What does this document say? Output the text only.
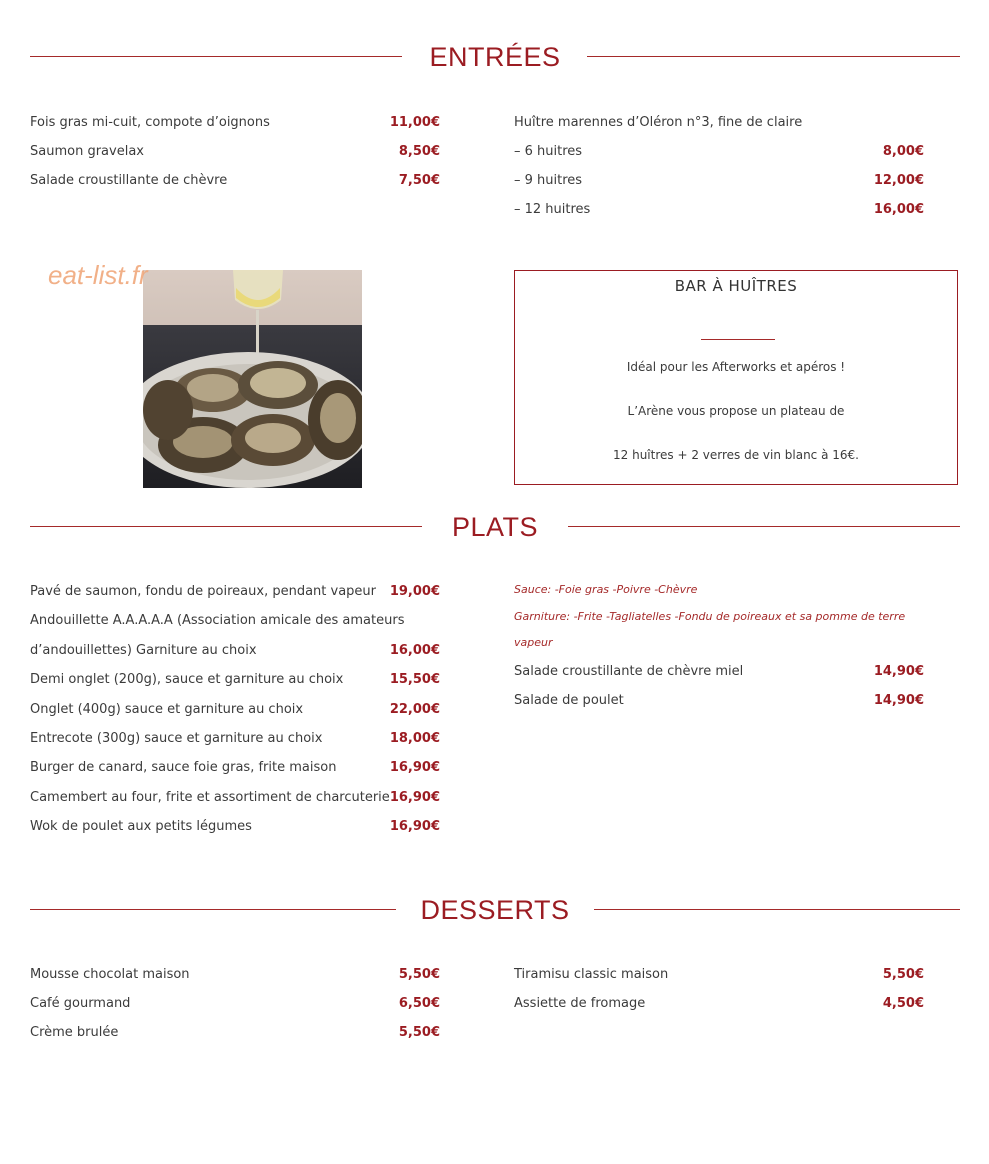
ENTRÉES
Fois gras mi-cuit, compote d’oignons	11,00€
Saumon gravelax	8,50€
Salade croustillante de chèvre	7,50€
Huître marennes d’Oléron n°3, fine de claire
– 6 huitres	8,00€
– 9 huitres	12,00€
– 12 huitres	16,00€
eat-list.fr	BAR À HUÎTRES
Idéal pour les Afterworks et apéros !
L’Arène vous propose un plateau de
12 huîtres + 2 verres de vin blanc à 16€.
PLATS
Pavé de saumon, fondu de poireaux, pendant vapeur 19,00€
Andouillette A.A.A.A.A (Association amicale des amateurs
d’andouillettes) Garniture au choix	16,00€
Demi onglet (200g), sauce et garniture au choix	15,50€
Onglet (400g) sauce et garniture au choix	22,00€
Entrecote (300g) sauce et garniture au choix	18,00€
Burger de canard, sauce foie gras, frite maison	16,90€
Camembert au four, frite et assortiment de charcuterie 16,90€
Wok de poulet aux petits légumes	16,90€
Sauce: -Foie gras -Poivre -Chèvre
Garniture: -Frite -Tagliatelles -Fondu de poireaux et sa pomme de terre
vapeur
Salade croustillante de chèvre miel	14,90€
Salade de poulet	14,90€
DESSERTS
Mousse chocolat maison	5,50€
Café gourmand	6,50€
Crème brulée	5,50€
Tiramisu classic maison	5,50€
Assiette de fromage	4,50€
